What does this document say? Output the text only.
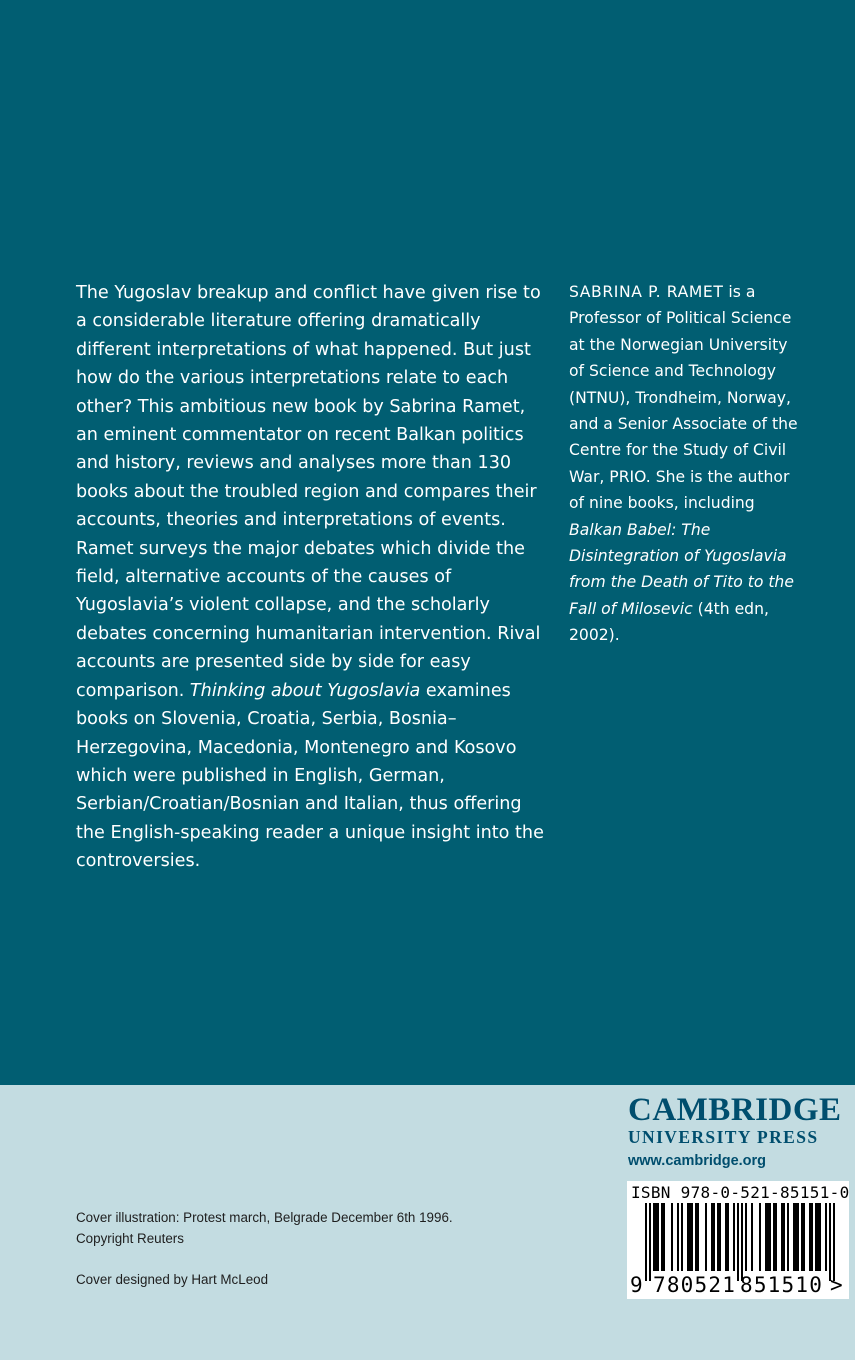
The Yugoslav breakup and conflict have given rise to a considerable literature offering dramatically different interpretations of what happened. But just how do the various interpretations relate to each other? This ambitious new book by Sabrina Ramet, an eminent commentator on recent Balkan politics and history, reviews and analyses more than 130 books about the troubled region and compares their accounts, theories and interpretations of events. Ramet surveys the major debates which divide the field, alternative accounts of the causes of Yugoslavia’s violent collapse, and the scholarly debates concerning humanitarian intervention. Rival accounts are presented side by side for easy comparison. Thinking about Yugoslavia examines books on Slovenia, Croatia, Serbia, Bosnia–Herzegovina, Macedonia, Montenegro and Kosovo which were published in English, German, Serbian/Croatian/Bosnian and Italian, thus offering the English-speaking reader a unique insight into the controversies.
SABRINA P. RAMET is a Professor of Political Science at the Norwegian University of Science and Technology (NTNU), Trondheim, Norway, and a Senior Associate of the Centre for the Study of Civil War, PRIO. She is the author of nine books, including Balkan Babel: The Disintegration of Yugoslavia from the Death of Tito to the Fall of Milosevic (4th edn, 2002).
Cover illustration: Protest march, Belgrade December 6th 1996.
Copyright Reuters
Cover designed by Hart McLeod
CAMBRIDGE
UNIVERSITY PRESS
www.cambridge.org
ISBN 978-0-521-85151-0
9 780521 851510 >
